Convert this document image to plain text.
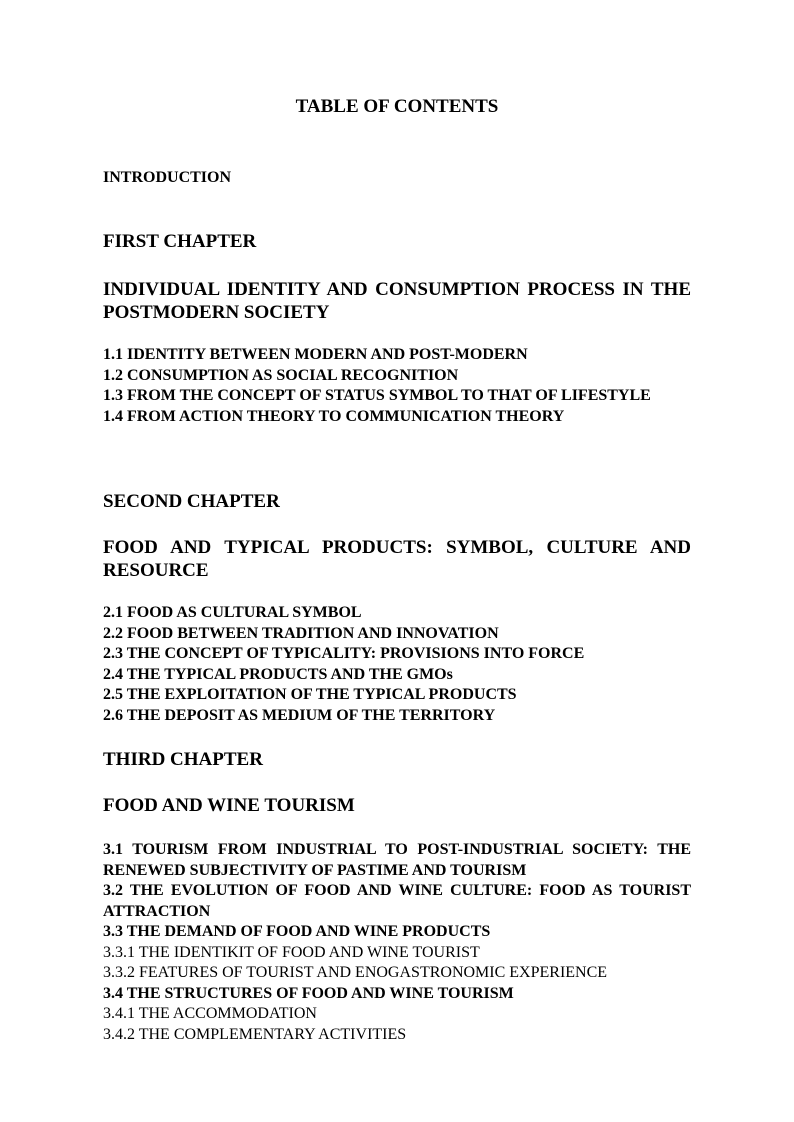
TABLE OF CONTENTS
INTRODUCTION
FIRST CHAPTER
INDIVIDUAL IDENTITY AND CONSUMPTION PROCESS IN THE POSTMODERN SOCIETY
1.1 IDENTITY BETWEEN MODERN AND POST-MODERN
1.2 CONSUMPTION AS SOCIAL RECOGNITION
1.3 FROM THE CONCEPT OF STATUS SYMBOL TO THAT OF LIFESTYLE
1.4 FROM ACTION THEORY TO COMMUNICATION THEORY
SECOND CHAPTER
FOOD AND TYPICAL PRODUCTS: SYMBOL, CULTURE AND RESOURCE
2.1 FOOD AS CULTURAL SYMBOL
2.2 FOOD BETWEEN TRADITION AND INNOVATION
2.3 THE CONCEPT OF TYPICALITY: PROVISIONS INTO FORCE
2.4 THE TYPICAL PRODUCTS AND THE GMOs
2.5 THE EXPLOITATION OF THE TYPICAL PRODUCTS
2.6 THE DEPOSIT AS MEDIUM OF THE TERRITORY
THIRD CHAPTER
FOOD AND WINE TOURISM
3.1 TOURISM FROM INDUSTRIAL TO POST-INDUSTRIAL SOCIETY: THE RENEWED SUBJECTIVITY OF PASTIME AND TOURISM
3.2 THE EVOLUTION OF FOOD AND WINE CULTURE: FOOD AS TOURIST ATTRACTION
3.3 THE DEMAND OF FOOD AND WINE PRODUCTS
3.3.1 THE IDENTIKIT OF FOOD AND WINE TOURIST
3.3.2 FEATURES OF TOURIST AND ENOGASTRONOMIC EXPERIENCE
3.4 THE STRUCTURES OF FOOD AND WINE TOURISM
3.4.1 THE ACCOMMODATION
3.4.2 THE COMPLEMENTARY ACTIVITIES
